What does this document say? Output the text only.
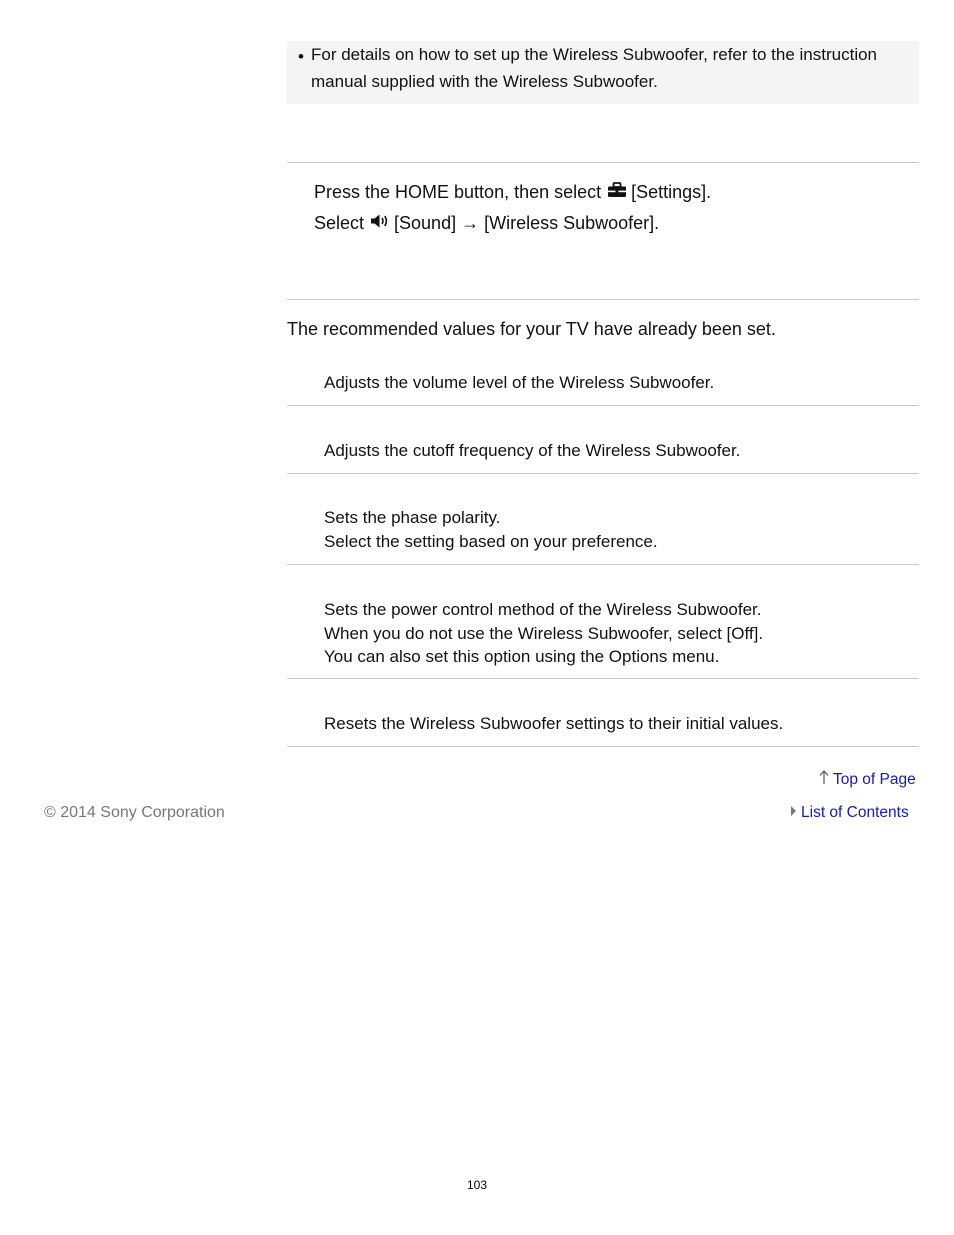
• For details on how to set up the Wireless Subwoofer, refer to the instruction manual supplied with the Wireless Subwoofer.

Press the HOME button, then select [Settings].
Select [Sound] → [Wireless Subwoofer].

The recommended values for your TV have already been set.

Adjusts the volume level of the Wireless Subwoofer.
Adjusts the cutoff frequency of the Wireless Subwoofer.
Sets the phase polarity.
Select the setting based on your preference.
Sets the power control method of the Wireless Subwoofer.
When you do not use the Wireless Subwoofer, select [Off].
You can also set this option using the Options menu.
Resets the Wireless Subwoofer settings to their initial values.
Top of Page

© 2014 Sony Corporation	List of Contents
103
